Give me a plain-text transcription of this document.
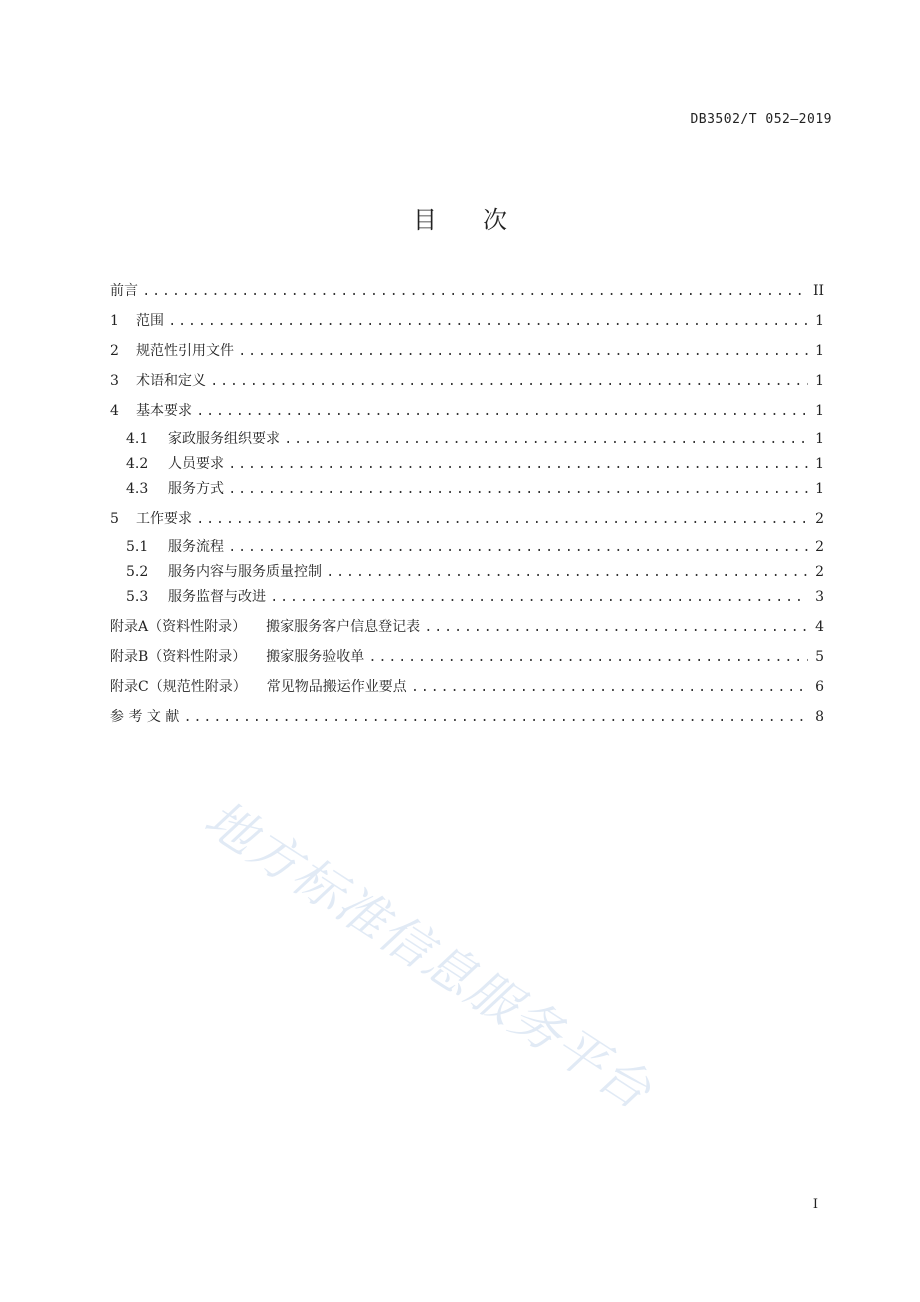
DB3502/T 052—2019
目次
前言 .....	II
1 范围 .....	1
2 规范性引用文件 .....	1
3 术语和定义 .....	1
4 基本要求 .....	1
4.1 家政服务组织要求 .....	1
4.2 人员要求 .....	1
4.3 服务方式 .....	1
5 工作要求 .....	2
5.1 服务流程 .....	2
5.2 服务内容与服务质量控制 .....	2
5.3 服务监督与改进 .....	3
附录A（资料性附录） 搬家服务客户信息登记表 .....	4
附录B（资料性附录） 搬家服务验收单 .....	5
附录C（规范性附录） 常见物品搬运作业要点 .....	6
参 考 文 献 .....	8
地方标准信息服务平台
I
